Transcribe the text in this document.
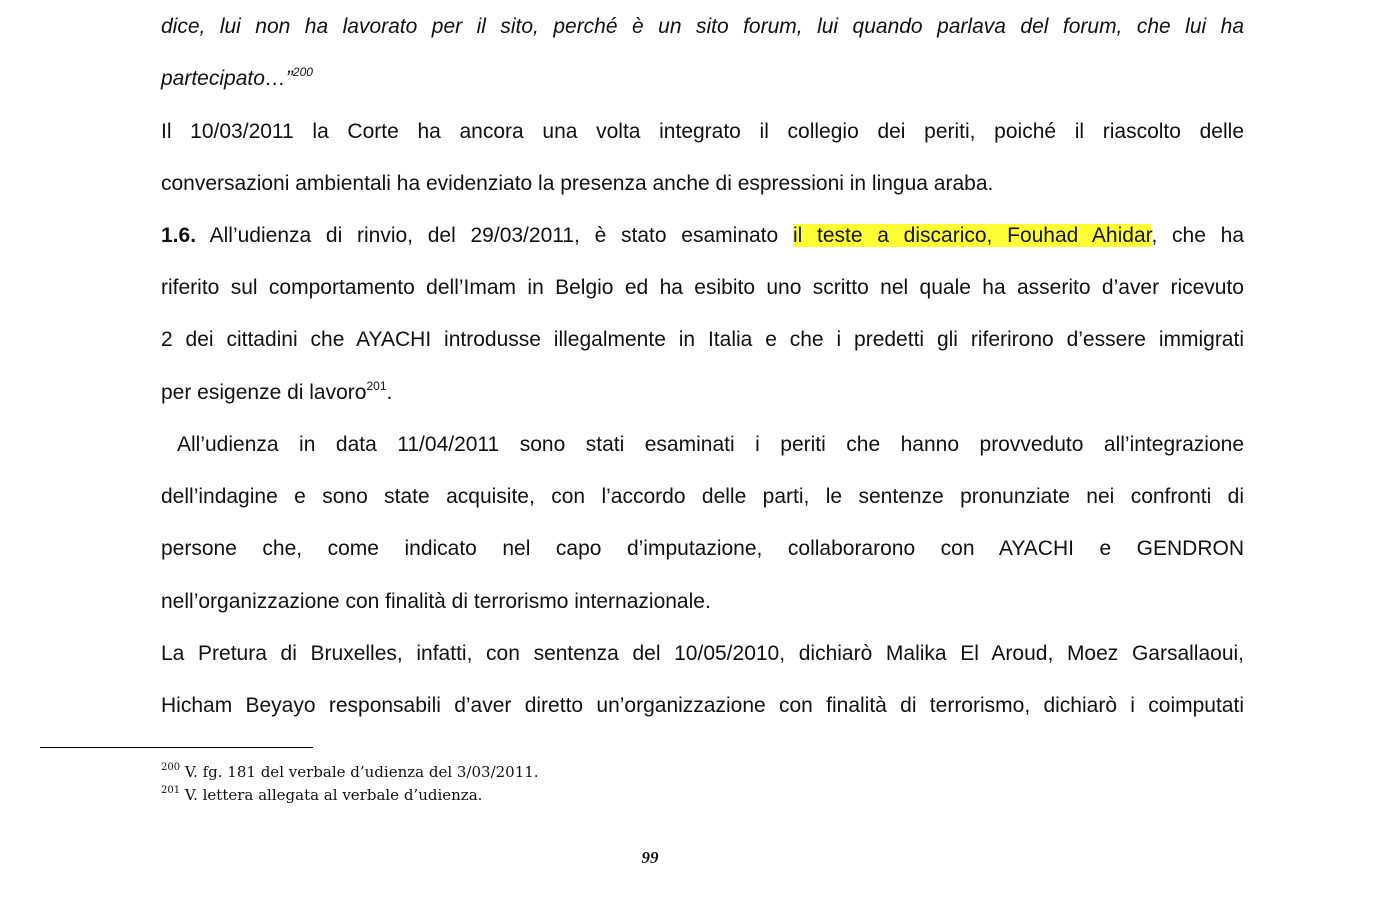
dice, lui non ha lavorato per il sito, perché è un sito forum, lui quando parlava del forum, che lui ha
partecipato…”$^{200}$
Il 10/03/2011 la Corte ha ancora una volta integrato il collegio dei periti, poiché il riascolto delle
conversazioni ambientali ha evidenziato la presenza anche di espressioni in lingua araba.
1.6. All’udienza di rinvio, del 29/03/2011, è stato esaminato il teste a discarico, Fouhad Ahidar, che ha
riferito sul comportamento dell’Imam in Belgio ed ha esibito uno scritto nel quale ha asserito d’aver ricevuto
2 dei cittadini che AYACHI introdusse illegalmente in Italia e che i predetti gli riferirono d’essere immigrati
per esigenze di lavoro$^{201}$.
All’udienza in data 11/04/2011 sono stati esaminati i periti che hanno provveduto all’integrazione
dell’indagine e sono state acquisite, con l’accordo delle parti, le sentenze pronunziate nei confronti di
persone che, come indicato nel capo d’imputazione, collaborarono con AYACHI e GENDRON
nell’organizzazione con finalità di terrorismo internazionale.
La Pretura di Bruxelles, infatti, con sentenza del 10/05/2010, dichiarò Malika El Aroud, Moez Garsallaoui,
Hicham Beyayo responsabili d’aver diretto un’organizzazione con finalità di terrorismo, dichiarò i coimputati
$^{200}$ V. fg. 181 del verbale d’udienza del 3/03/2011.
$^{201}$ V. lettera allegata al verbale d’udienza.
99
